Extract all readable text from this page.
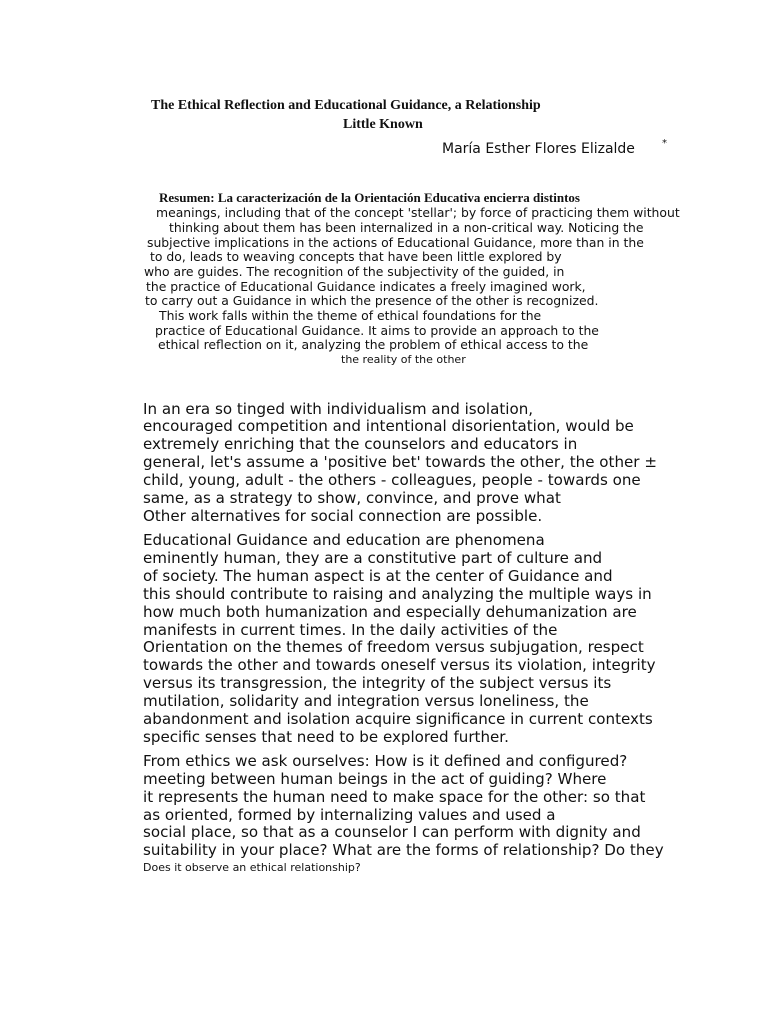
The Ethical Reflection and Educational Guidance, a Relationship
Little Known
María Esther Flores Elizalde	*
Resumen: La caracterización de la Orientación Educativa encierra distintos
meanings, including that of the concept 'stellar'; by force of practicing them without
thinking about them has been internalized in a non-critical way. Noticing the
subjective implications in the actions of Educational Guidance, more than in the
to do, leads to weaving concepts that have been little explored by
who are guides. The recognition of the subjectivity of the guided, in
the practice of Educational Guidance indicates a freely imagined work,
to carry out a Guidance in which the presence of the other is recognized.
This work falls within the theme of ethical foundations for the
practice of Educational Guidance. It aims to provide an approach to the
ethical reflection on it, analyzing the problem of ethical access to the
the reality of the other
In an era so tinged with individualism and isolation,
encouraged competition and intentional disorientation, would be
extremely enriching that the counselors and educators in
general, let's assume a 'positive bet' towards the other, the other ±
child, young, adult - the others - colleagues, people - towards one
same, as a strategy to show, convince, and prove what
Other alternatives for social connection are possible.
Educational Guidance and education are phenomena
eminently human, they are a constitutive part of culture and
of society. The human aspect is at the center of Guidance and
this should contribute to raising and analyzing the multiple ways in
how much both humanization and especially dehumanization are
manifests in current times. In the daily activities of the
Orientation on the themes of freedom versus subjugation, respect
towards the other and towards oneself versus its violation, integrity
versus its transgression, the integrity of the subject versus its
mutilation, solidarity and integration versus loneliness, the
abandonment and isolation acquire significance in current contexts
specific senses that need to be explored further.
From ethics we ask ourselves: How is it defined and configured?
meeting between human beings in the act of guiding? Where
it represents the human need to make space for the other: so that
as oriented, formed by internalizing values and used a
social place, so that as a counselor I can perform with dignity and
suitability in your place? What are the forms of relationship? Do they
Does it observe an ethical relationship?
